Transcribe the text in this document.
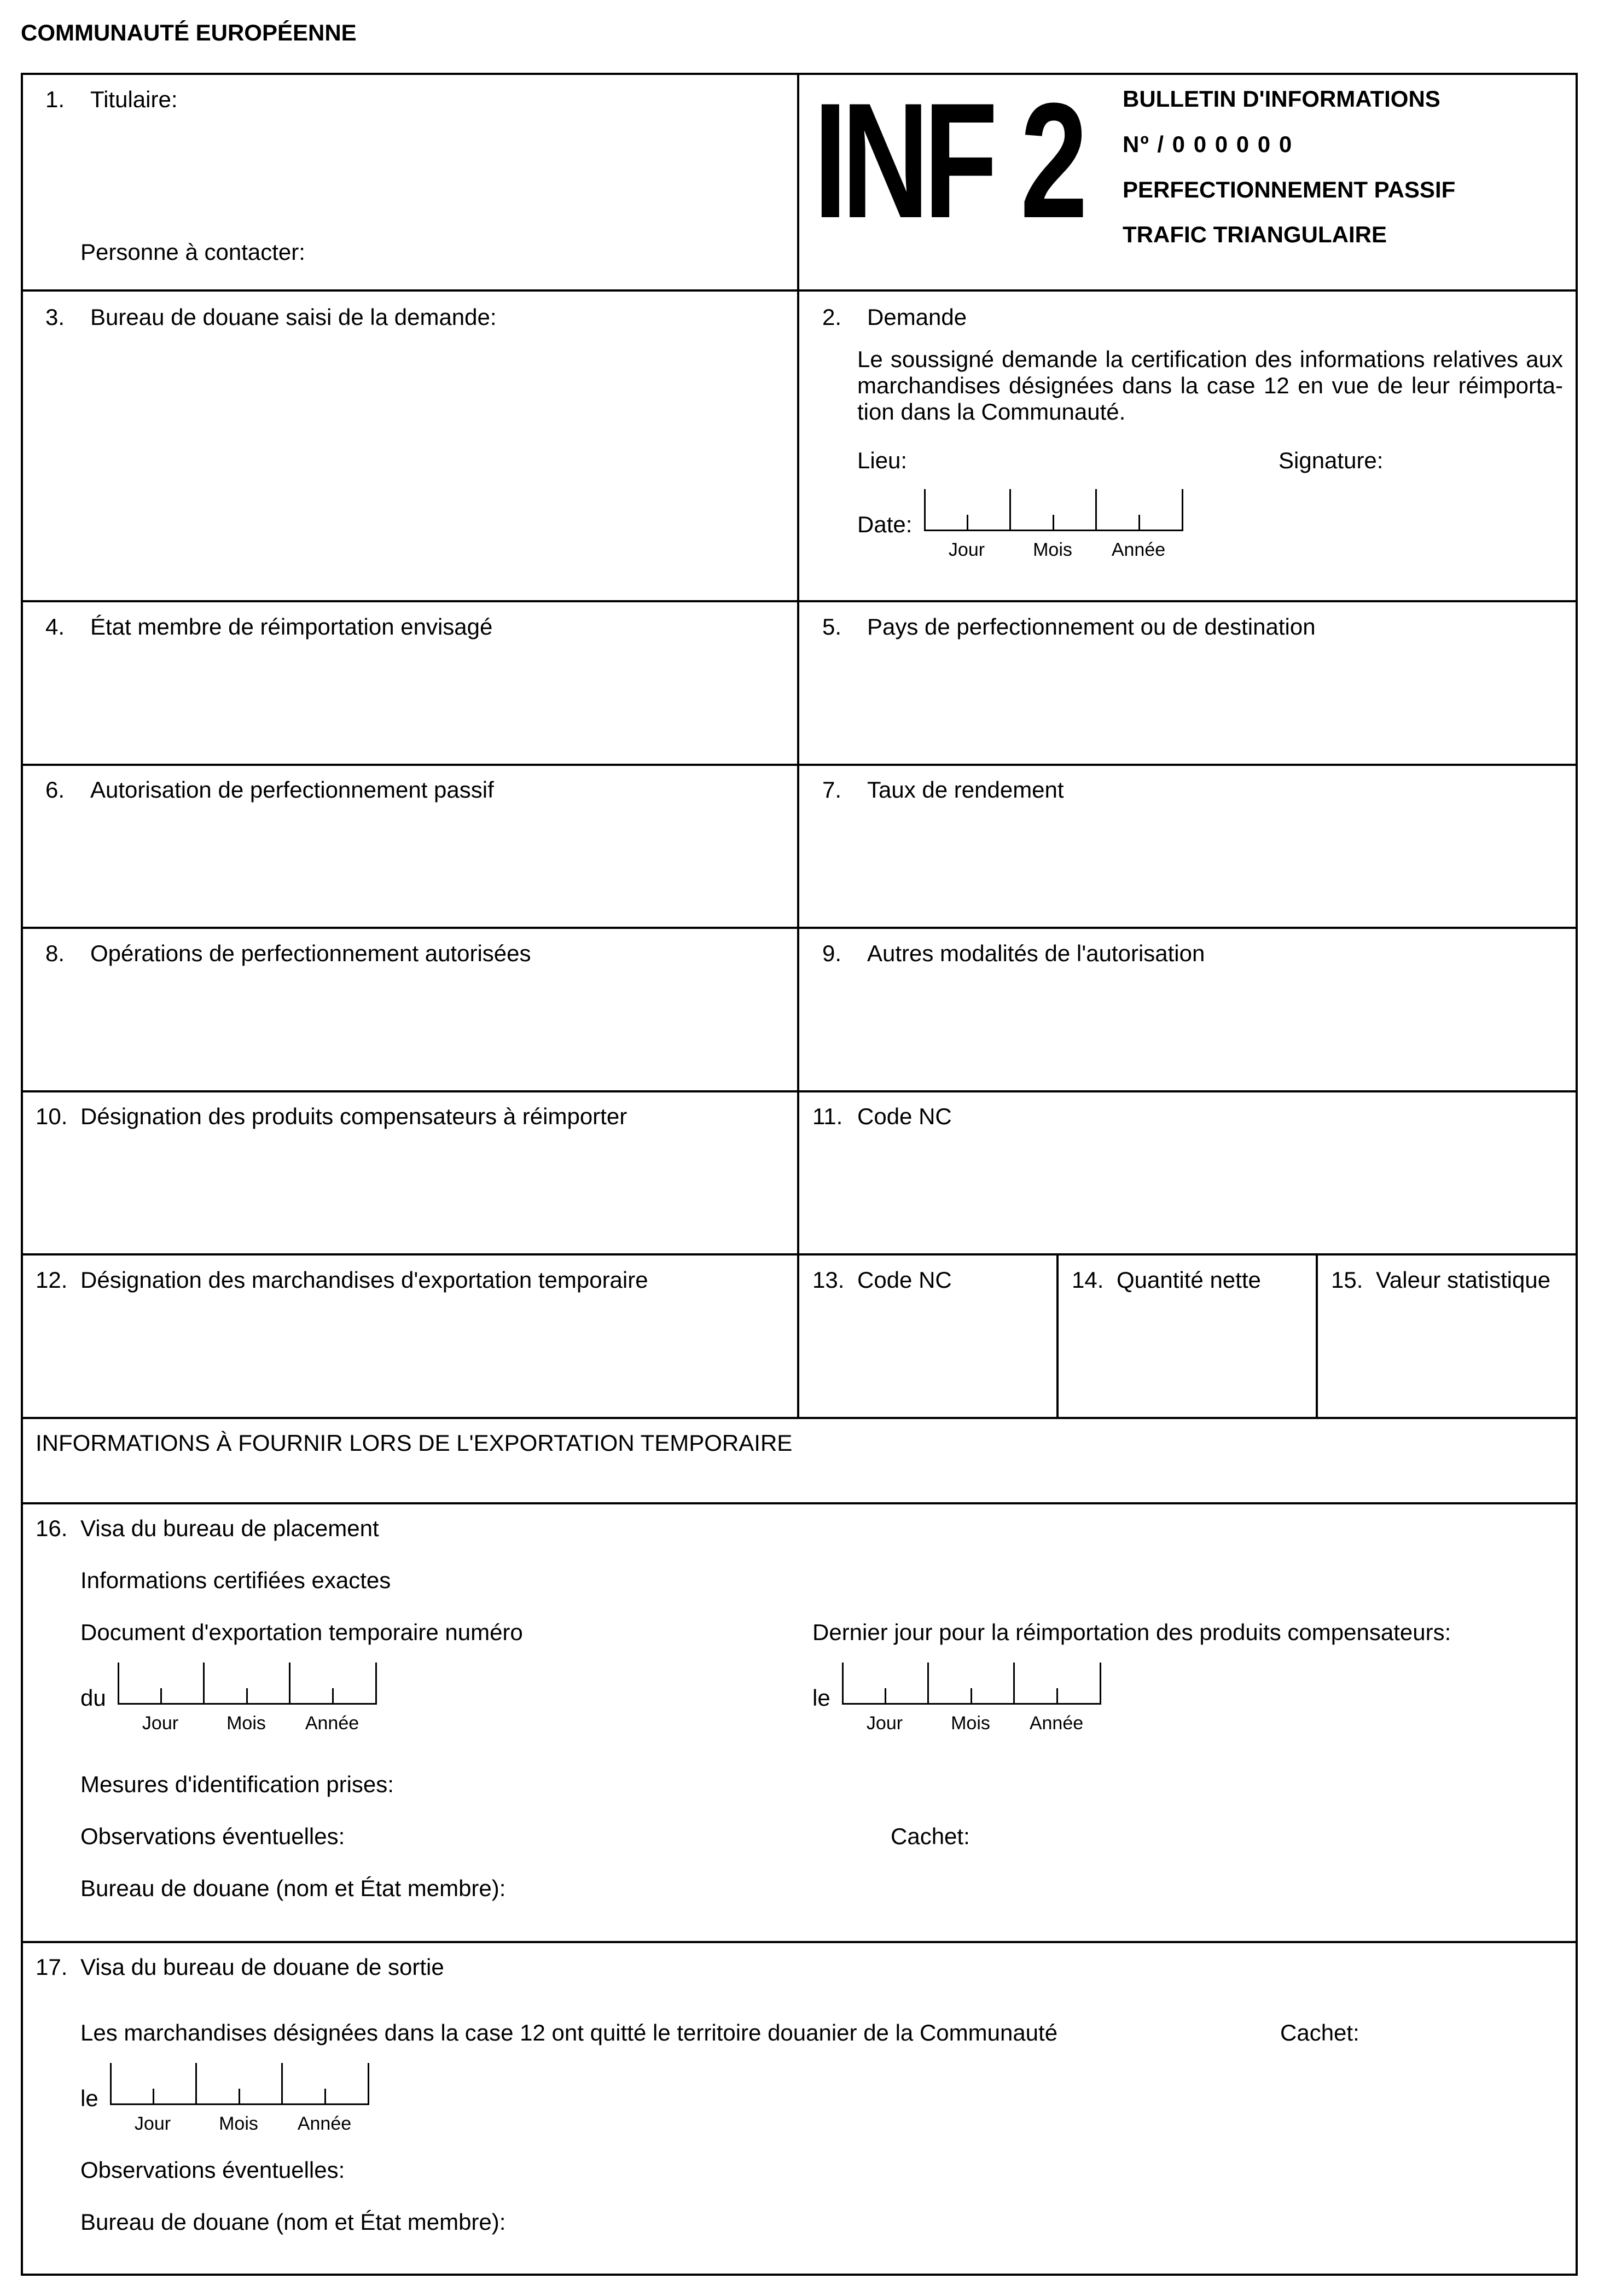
COMMUNAUTÉ EUROPÉENNE
1. Titulaire:
Personne à contacter:	INF 2 BULLETIN D'INFORMATIONS
Nº / 0 0 0 0 0 0
PERFECTIONNEMENT PASSIF
TRAFIC TRIANGULAIRE
3. Bureau de douane saisi de la demande:	2. Demande
Le soussigné demande la certification des informations relatives aux marchandises désignées dans la case 12 en vue de leur réimportation dans la Communauté.
Lieu:	Signature:
Date:
Jour	Mois Année
4. État membre de réimportation envisagé	5. Pays de perfectionnement ou de destination
6. Autorisation de perfectionnement passif	7. Taux de rendement
8. Opérations de perfectionnement autorisées	9. Autres modalités de l'autorisation
10. Désignation des produits compensateurs à réimporter	11. Code NC
12. Désignation des marchandises d'exportation temporaire	13. Code NC	14. Quantité nette	15. Valeur statistique
INFORMATIONS À FOURNIR LORS DE L'EXPORTATION TEMPORAIRE
16. Visa du bureau de placement
Informations certifiées exactes
Document d'exportation temporaire numéro	Dernier jour pour la réimportation des produits compensateurs:
du
Jour	Mois Année
le
Jour	Mois Année
Mesures d'identification prises:
Observations éventuelles:	Cachet:
Bureau de douane (nom et État membre):
17. Visa du bureau de douane de sortie
Les marchandises désignées dans la case 12 ont quitté le territoire douanier de la Communauté	Cachet:
le
Jour	Mois Année
Observations éventuelles:
Bureau de douane (nom et État membre):
